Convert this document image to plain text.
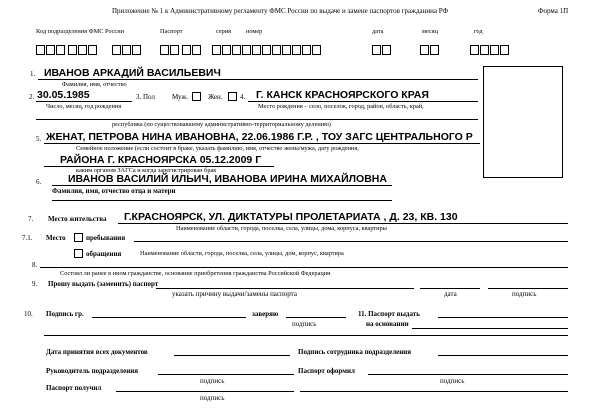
Приложение № 1 к Административному регламенту ФМС России по выдаче и замене паспортов гражданина РФ	Форма 1П
Код подразделения ФМС России	Паспорт	серия номер	дата	месяц	год
1. ИВАНОВ АРКАДИЙ ВАСИЛЬЕВИЧ
Фамилия, имя, отчество
2. 30.05.1985
Число, месяц, год рождения
3. Пол Муж.	Жен. 4. Г. КАНСК КРАСНОЯРСКОГО КРАЯ
Место рождения – село, поселок, город, район, область, край,
республика (по существовавшему административно-территориальному делению)
5. ЖЕНАТ, ПЕТРОВА НИНА ИВАНОВНА, 22.06.1986 Г.Р. , ТОУ ЗАГС ЦЕНТРАЛЬНОГО Р
Семейное положение (если состоит в браке, указать фамилию, имя, отчество жены/мужа, дату рождения,
РАЙОНА Г. КРАСНОЯРСКА 05.12.2009 Г
каким органом ЗАГСа и когда зарегистрирован брак
6.	ИВАНОВ ВАСИЛИЙ ИЛЬИЧ, ИВАНОВА ИРИНА МИХАЙЛОВНА
Фамилия, имя, отчество отца и матери
7. Место жительства Г.КРАСНОЯРСК, УЛ. ДИКТАТУРЫ ПРОЛЕТАРИАТА , Д. 23, КВ. 130
Наименование области, города, поселка, села, улицы, дома, корпуса, квартиры
7.1. Место	пребывания
обращения	Наименование области, города, поселка, села, улицы, дом, корпус, квартира
8.
Состоял ли ранее в ином гражданстве, основание приобретения гражданства Российской Федерации
9. Прошу выдать (заменить) паспорт
указать причину выдачи/замены паспорта	дата	подпись
10. Подпись гр.	заверяю
подпись
11. Паспорт выдать
на основании
Дата принятия всех документов	Подпись сотрудника подразделения
Руководитель подразделения	Паспорт оформил
подпись	подпись
Паспорт получил
подпись
